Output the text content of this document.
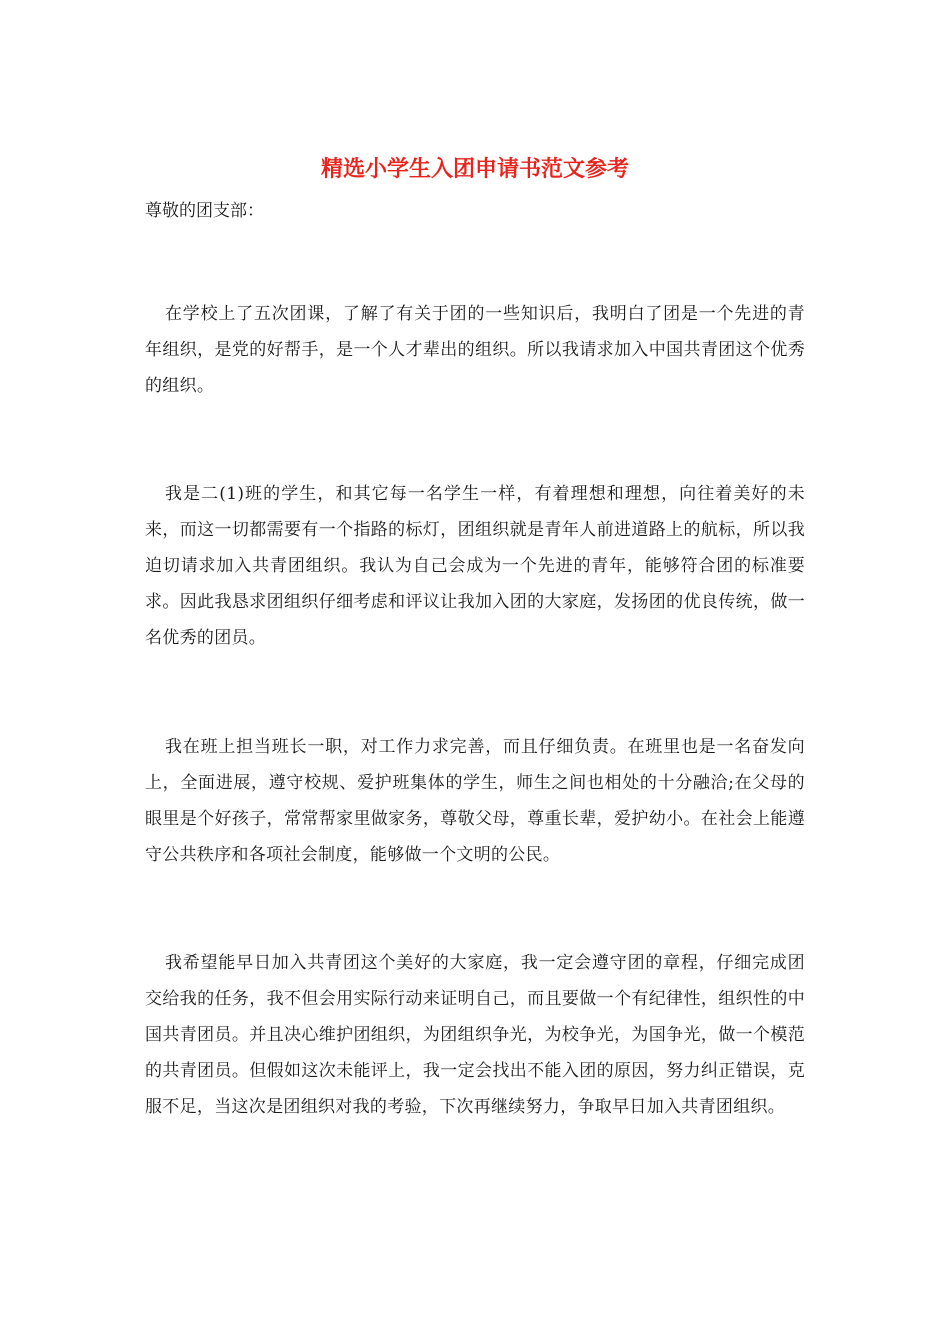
精选小学生入团申请书范文参考

尊敬的团支部：

在学校上了五次团课，了解了有关于团的一些知识后，我明白了团是一个先进的青年组织，是党的好帮手，是一个人才辈出的组织。所以我请求加入中国共青团这个优秀的组织。

我是二(1)班的学生，和其它每一名学生一样，有着理想和理想，向往着美好的未来，而这一切都需要有一个指路的标灯，团组织就是青年人前进道路上的航标，所以我迫切请求加入共青团组织。我认为自己会成为一个先进的青年，能够符合团的标准要求。因此我恳求团组织仔细考虑和评议让我加入团的大家庭，发扬团的优良传统，做一名优秀的团员。

我在班上担当班长一职，对工作力求完善，而且仔细负责。在班里也是一名奋发向上，全面进展，遵守校规、爱护班集体的学生，师生之间也相处的十分融洽;在父母的眼里是个好孩子，常常帮家里做家务，尊敬父母，尊重长辈，爱护幼小。在社会上能遵守公共秩序和各项社会制度，能够做一个文明的公民。

我希望能早日加入共青团这个美好的大家庭，我一定会遵守团的章程，仔细完成团交给我的任务，我不但会用实际行动来证明自己，而且要做一个有纪律性，组织性的中国共青团员。并且决心维护团组织，为团组织争光，为校争光，为国争光，做一个模范的共青团员。但假如这次未能评上，我一定会找出不能入团的原因，努力纠正错误，克服不足，当这次是团组织对我的考验，下次再继续努力，争取早日加入共青团组织。
